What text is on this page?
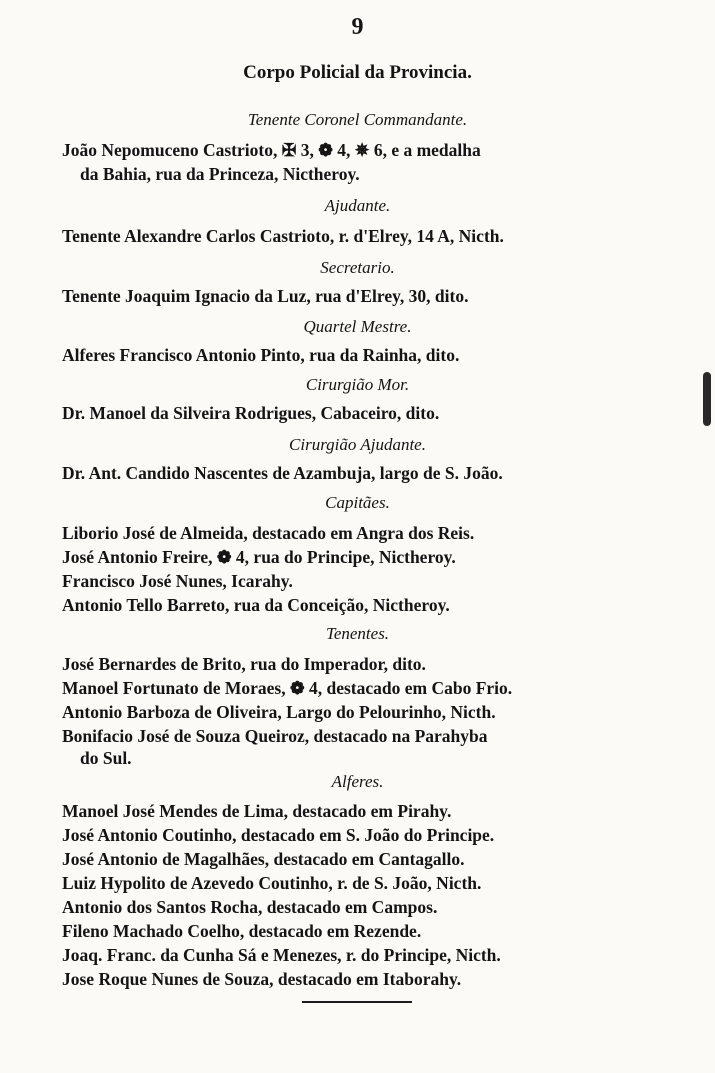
9
Corpo Policial da Provincia.
Tenente Coronel Commandante.
João Nepomuceno Castrioto, ✠ 3, ❁ 4, ✵ 6, e a medalha
da Bahia, rua da Princeza, Nictheroy.
Ajudante.
Tenente Alexandre Carlos Castrioto, r. d'Elrey, 14 A, Nicth.
Secretario.
Tenente Joaquim Ignacio da Luz, rua d'Elrey, 30, dito.
Quartel Mestre.
Alferes Francisco Antonio Pinto, rua da Rainha, dito.
Cirurgião Mor.
Dr. Manoel da Silveira Rodrigues, Cabaceiro, dito.
Cirurgião Ajudante.
Dr. Ant. Candido Nascentes de Azambuja, largo de S. João.
Capitães.
Liborio José de Almeida, destacado em Angra dos Reis.
José Antonio Freire, ❁ 4, rua do Principe, Nictheroy.
Francisco José Nunes, Icarahy.
Antonio Tello Barreto, rua da Conceição, Nictheroy.
Tenentes.
José Bernardes de Brito, rua do Imperador, dito.
Manoel Fortunato de Moraes, ❁ 4, destacado em Cabo Frio.
Antonio Barboza de Oliveira, Largo do Pelourinho, Nicth.
Bonifacio José de Souza Queiroz, destacado na Parahyba
do Sul.
Alferes.
Manoel José Mendes de Lima, destacado em Pirahy.
José Antonio Coutinho, destacado em S. João do Principe.
José Antonio de Magalhães, destacado em Cantagallo.
Luiz Hypolito de Azevedo Coutinho, r. de S. João, Nicth.
Antonio dos Santos Rocha, destacado em Campos.
Fileno Machado Coelho, destacado em Rezende.
Joaq. Franc. da Cunha Sá e Menezes, r. do Principe, Nicth.
Jose Roque Nunes de Souza, destacado em Itaborahy.
